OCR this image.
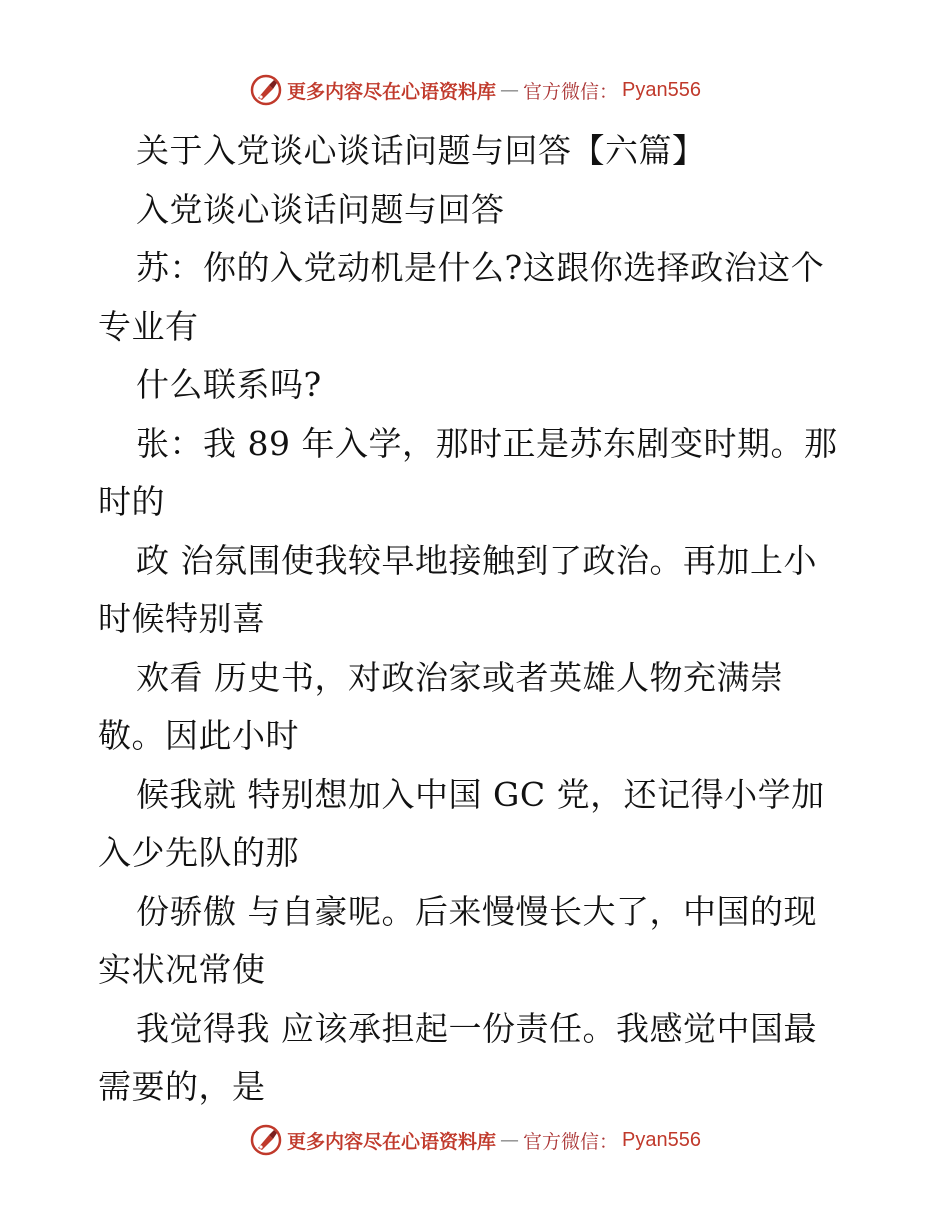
更多内容尽在心语资料库 — 官方微信： Pyan556
关于入党谈心谈话问题与回答【六篇】
入党谈心谈话问题与回答
苏：你的入党动机是什么?这跟你选择政治这个
专业有
什么联系吗?
张：我 89 年入学，那时正是苏东剧变时期。那
时的
政 治氛围使我较早地接触到了政治。再加上小
时候特别喜
欢看 历史书，对政治家或者英雄人物充满崇
敬。因此小时
候我就 特别想加入中国 GC 党，还记得小学加
入少先队的那
份骄傲 与自豪呢。后来慢慢长大了，中国的现
实状况常使
我觉得我 应该承担起一份责任。我感觉中国最
需要的，是
更多内容尽在心语资料库 — 官方微信： Pyan556
